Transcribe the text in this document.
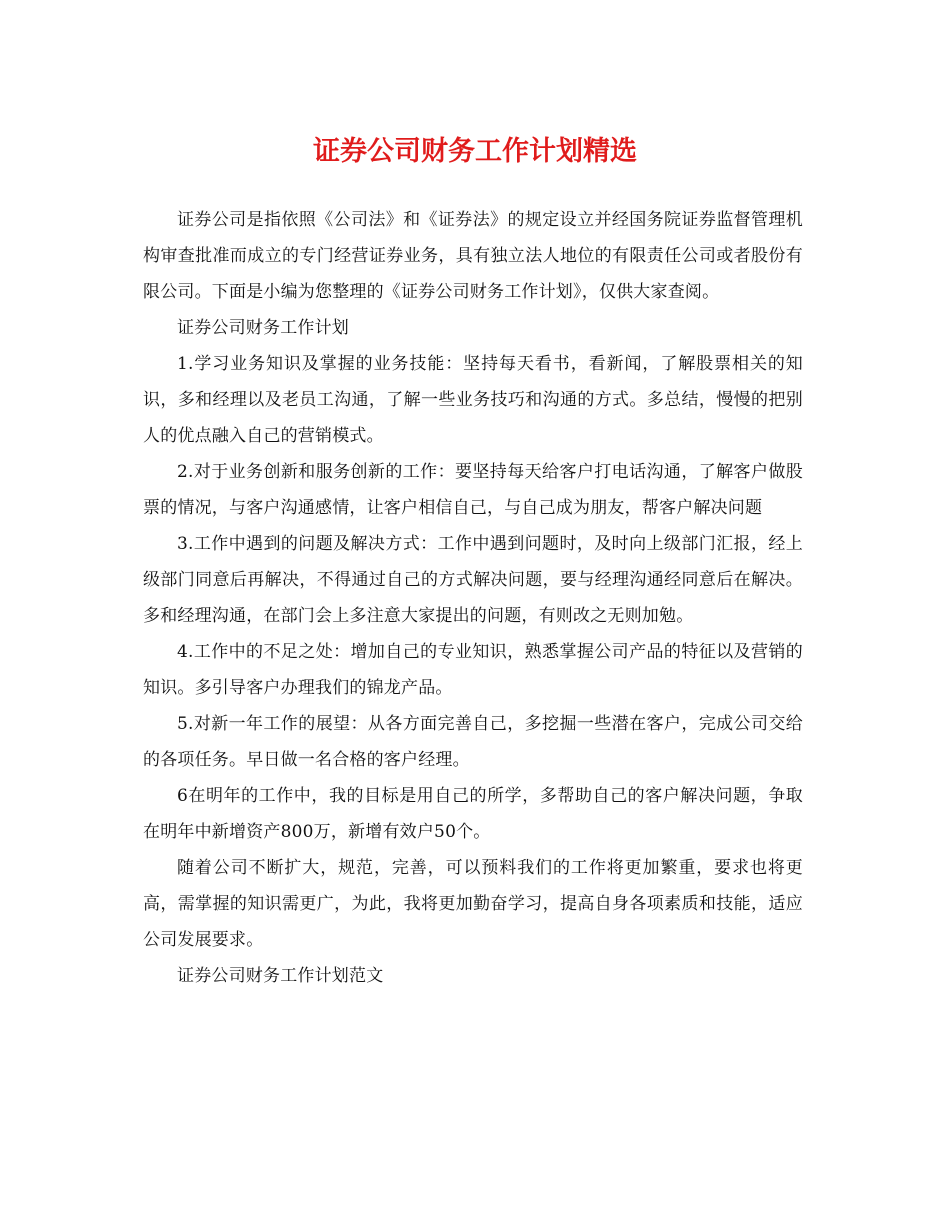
证券公司财务工作计划精选

证券公司是指依照《公司法》和《证券法》的规定设立并经国务院证券监督管理机构审查批准而成立的专门经营证券业务，具有独立法人地位的有限责任公司或者股份有限公司。下面是小编为您整理的《证券公司财务工作计划》，仅供大家查阅。

证券公司财务工作计划

1.学习业务知识及掌握的业务技能：坚持每天看书，看新闻，了解股票相关的知识，多和经理以及老员工沟通，了解一些业务技巧和沟通的方式。多总结，慢慢的把别人的优点融入自己的营销模式。

2.对于业务创新和服务创新的工作：要坚持每天给客户打电话沟通，了解客户做股票的情况，与客户沟通感情，让客户相信自己，与自己成为朋友，帮客户解决问题

3.工作中遇到的问题及解决方式：工作中遇到问题时，及时向上级部门汇报，经上级部门同意后再解决，不得通过自己的方式解决问题，要与经理沟通经同意后在解决。多和经理沟通，在部门会上多注意大家提出的问题，有则改之无则加勉。

4.工作中的不足之处：增加自己的专业知识，熟悉掌握公司产品的特征以及营销的知识。多引导客户办理我们的锦龙产品。

5.对新一年工作的展望：从各方面完善自己，多挖掘一些潜在客户，完成公司交给的各项任务。早日做一名合格的客户经理。

6在明年的工作中，我的目标是用自己的所学，多帮助自己的客户解决问题，争取在明年中新增资产800万，新增有效户50个。

随着公司不断扩大，规范，完善，可以预料我们的工作将更加繁重，要求也将更高，需掌握的知识需更广，为此，我将更加勤奋学习，提高自身各项素质和技能，适应公司发展要求。

证券公司财务工作计划范文
